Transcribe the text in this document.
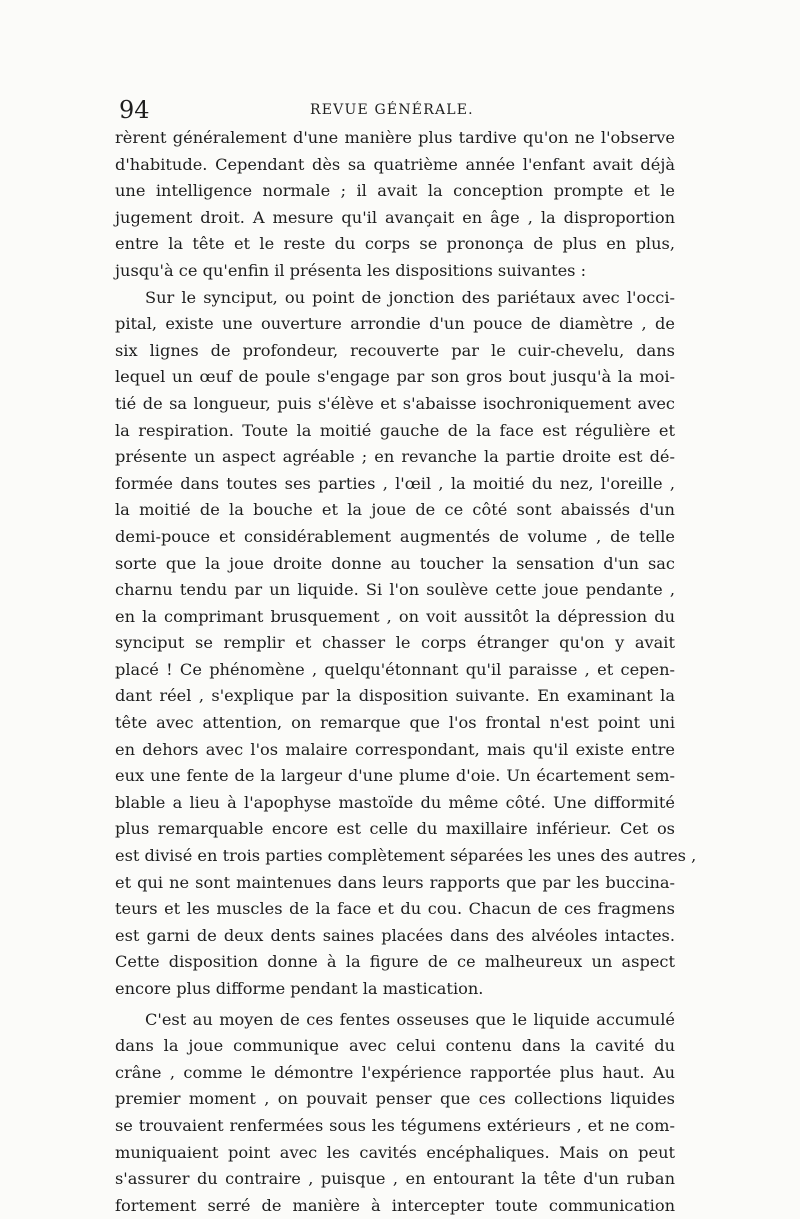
94	REVUE GÉNÉRALE.
rèrent généralement d'une manière plus tardive qu'on ne l'observe
d'habitude. Cependant dès sa quatrième année l'enfant avait déjà
une intelligence normale ; il avait la conception prompte et le
jugement droit. A mesure qu'il avançait en âge , la disproportion
entre la tête et le reste du corps se prononça de plus en plus,
jusqu'à ce qu'enfin il présenta les dispositions suivantes :
Sur le synciput, ou point de jonction des pariétaux avec l'occi-
pital, existe une ouverture arrondie d'un pouce de diamètre , de
six lignes de profondeur, recouverte par le cuir-chevelu, dans
lequel un œuf de poule s'engage par son gros bout jusqu'à la moi-
tié de sa longueur, puis s'élève et s'abaisse isochroniquement avec
la respiration. Toute la moitié gauche de la face est régulière et
présente un aspect agréable ; en revanche la partie droite est dé-
formée dans toutes ses parties , l'œil , la moitié du nez, l'oreille ,
la moitié de la bouche et la joue de ce côté sont abaissés d'un
demi-pouce et considérablement augmentés de volume , de telle
sorte que la joue droite donne au toucher la sensation d'un sac
charnu tendu par un liquide. Si l'on soulève cette joue pendante ,
en la comprimant brusquement , on voit aussitôt la dépression du
synciput se remplir et chasser le corps étranger qu'on y avait
placé ! Ce phénomène , quelqu'étonnant qu'il paraisse , et cepen-
dant réel , s'explique par la disposition suivante. En examinant la
tête avec attention, on remarque que l'os frontal n'est point uni
en dehors avec l'os malaire correspondant, mais qu'il existe entre
eux une fente de la largeur d'une plume d'oie. Un écartement sem-
blable a lieu à l'apophyse mastoïde du même côté. Une difformité
plus remarquable encore est celle du maxillaire inférieur. Cet os
est divisé en trois parties complètement séparées les unes des autres ,
et qui ne sont maintenues dans leurs rapports que par les buccina-
teurs et les muscles de la face et du cou. Chacun de ces fragmens
est garni de deux dents saines placées dans des alvéoles intactes.
Cette disposition donne à la figure de ce malheureux un aspect
encore plus difforme pendant la mastication.
C'est au moyen de ces fentes osseuses que le liquide accumulé
dans la joue communique avec celui contenu dans la cavité du
crâne , comme le démontre l'expérience rapportée plus haut. Au
premier moment , on pouvait penser que ces collections liquides
se trouvaient renfermées sous les tégumens extérieurs , et ne com-
muniquaient point avec les cavités encéphaliques. Mais on peut
s'assurer du contraire , puisque , en entourant la tête d'un ruban
fortement serré de manière à intercepter toute communication
